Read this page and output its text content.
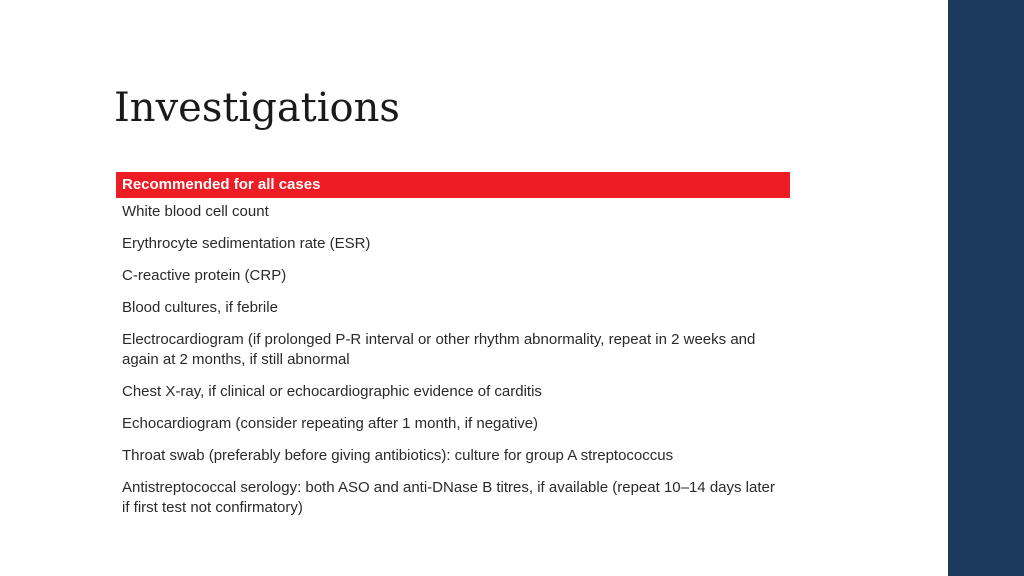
Investigations
Recommended for all cases
White blood cell count
Erythrocyte sedimentation rate (ESR)
C-reactive protein (CRP)
Blood cultures, if febrile
Electrocardiogram (if prolonged P-R interval or other rhythm abnormality, repeat in 2 weeks and again at 2 months, if still abnormal
Chest X-ray, if clinical or echocardiographic evidence of carditis
Echocardiogram (consider repeating after 1 month, if negative)
Throat swab (preferably before giving antibiotics): culture for group A streptococcus
Antistreptococcal serology: both ASO and anti-DNase B titres, if available (repeat 10–14 days later if first test not confirmatory)
